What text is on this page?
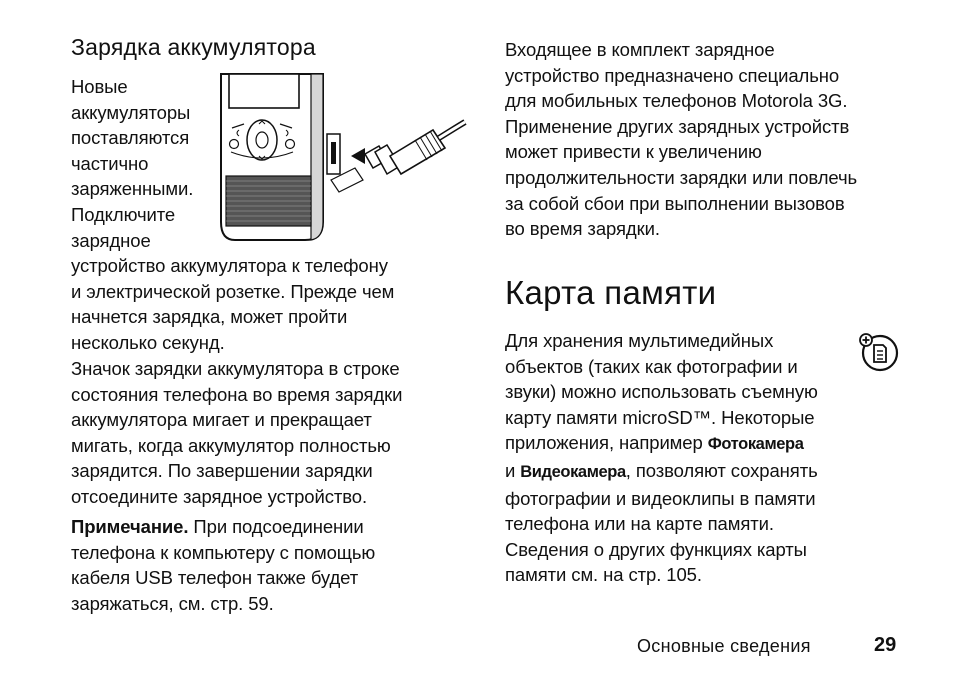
Зарядка аккумулятора

Новые
аккумуляторы
поставляются
частично
заряженными.
Подключите
зарядное

устройство аккумулятора к телефону
и электрической розетке. Прежде чем
начнется зарядка, может пройти
несколько секунд.

Значок зарядки аккумулятора в строке
состояния телефона во время зарядки
аккумулятора мигает и прекращает
мигать, когда аккумулятор полностью
зарядится. По завершении зарядки
отсоедините зарядное устройство.

Примечание. При подсоединении
телефона к компьютеру с помощью
кабеля USB телефон также будет
заряжаться, см. стр. 59.

Входящее в комплект зарядное
устройство предназначено специально
для мобильных телефонов Motorola 3G.
Применение других зарядных устройств
может привести к увеличению
продолжительности зарядки или повлечь
за собой сбои при выполнении вызовов
во время зарядки.

Карта памяти

Для хранения мультимедийных
объектов (таких как фотографии и
звуки) можно использовать съемную
карту памяти microSD™. Некоторые
приложения, например Фотокамера
и Видеокамера, позволяют сохранять
фотографии и видеоклипы в памяти
телефона или на карте памяти.
Сведения о других функциях карты
памяти см. на стр. 105.

Основные сведения	29
